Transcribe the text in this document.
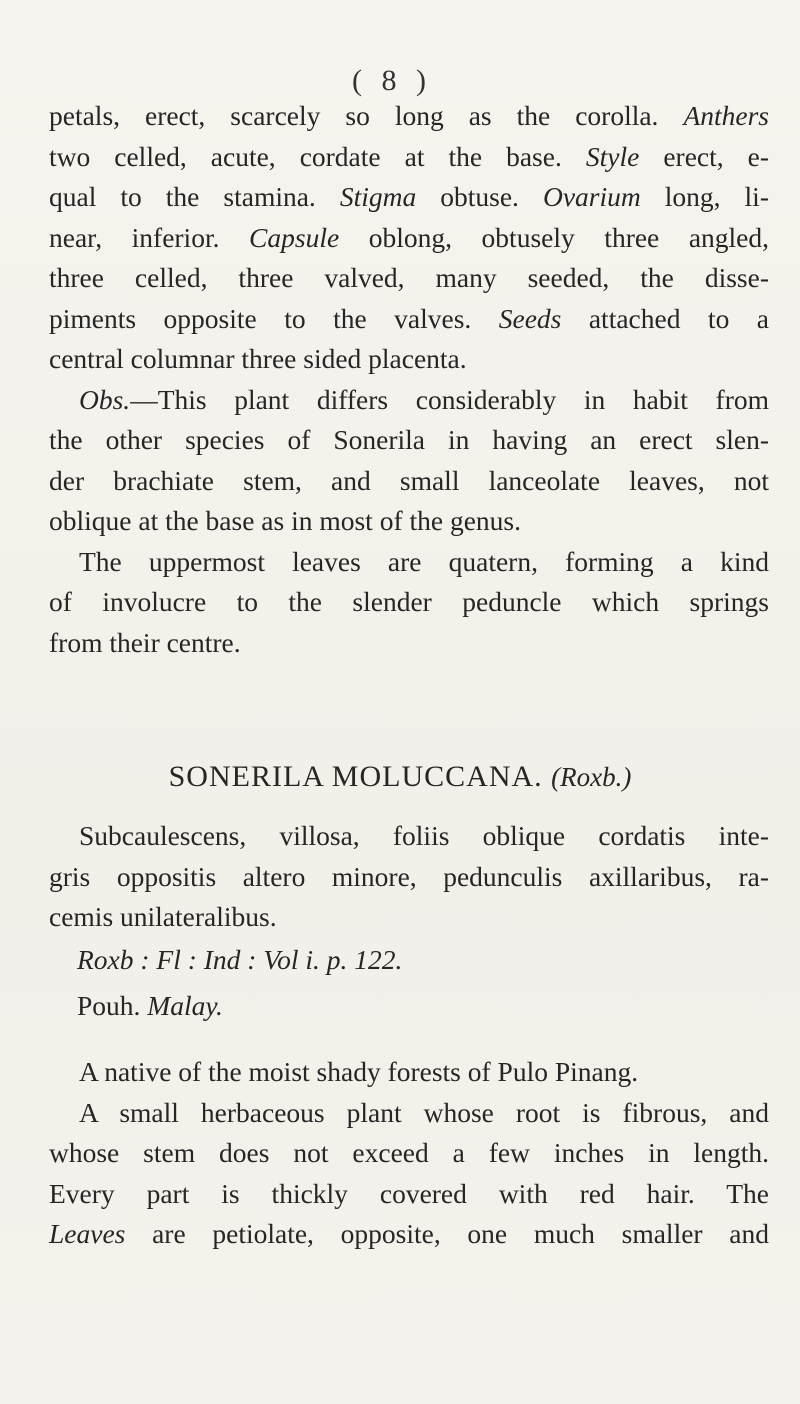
( 8 )

petals, erect, scarcely so long as the corolla. Anthers

two celled, acute, cordate at the base. Style erect, e-

qual to the stamina. Stigma obtuse. Ovarium long, li-

near, inferior. Capsule oblong, obtusely three angled,

three celled, three valved, many seeded, the disse-

piments opposite to the valves. Seeds attached to a

central columnar three sided placenta.

Obs.—This plant differs considerably in habit from

the other species of Sonerila in having an erect slen-

der brachiate stem, and small lanceolate leaves, not

oblique at the base as in most of the genus.

The uppermost leaves are quatern, forming a kind

of involucre to the slender peduncle which springs

from their centre.

SONERILA MOLUCCANA. (Roxb.)

Subcaulescens, villosa, foliis oblique cordatis inte-

gris oppositis altero minore, pedunculis axillaribus, ra-

cemis unilateralibus.

Roxb : Fl : Ind : Vol i. p. 122.
Pouh. Malay.

A native of the moist shady forests of Pulo Pinang.

A small herbaceous plant whose root is fibrous, and

whose stem does not exceed a few inches in length.

Every part is thickly covered with red hair. The

Leaves are petiolate, opposite, one much smaller and
